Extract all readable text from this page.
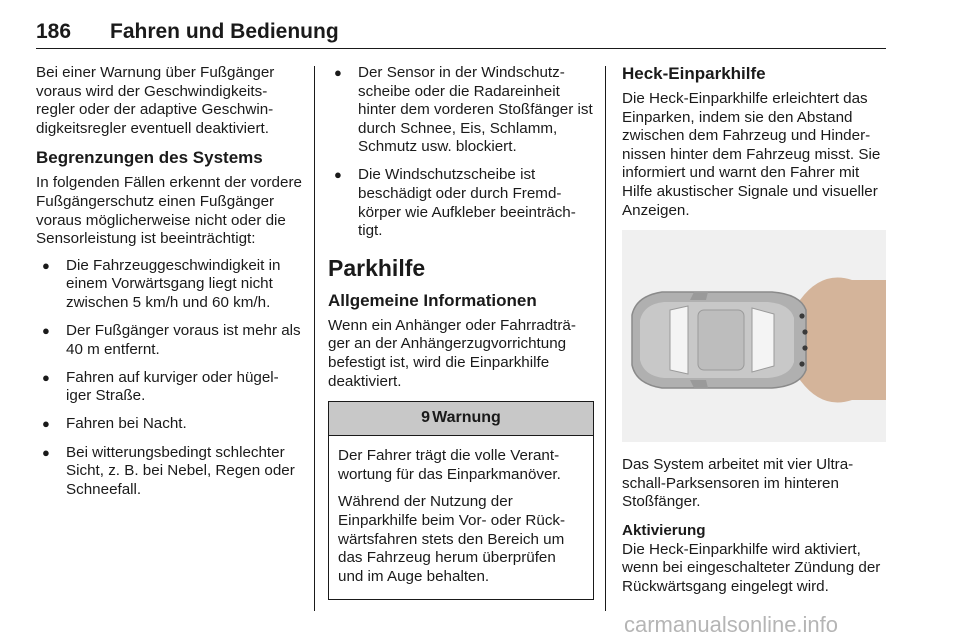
186 Fahren und Bedienung

Bei einer Warnung über Fußgänger voraus wird der Geschwindigkeits-regler oder der adaptive Geschwin-digkeitsregler eventuell deaktiviert.

Begrenzungen des Systems

In folgenden Fällen erkennt der vordere Fußgängerschutz einen Fußgänger voraus möglicherweise nicht oder die Sensorleistung ist beeinträchtigt:

● Die Fahrzeuggeschwindigkeit in einem Vorwärtsgang liegt nicht zwischen 5 km/h und 60 km/h.
● Der Fußgänger voraus ist mehr als 40 m entfernt.
● Fahren auf kurviger oder hügel-iger Straße.
● Fahren bei Nacht.
● Bei witterungsbedingt schlechter Sicht, z. B. bei Nebel, Regen oder Schneefall.
● Der Sensor in der Windschutz-scheibe oder die Radareinheit hinter dem vorderen Stoßfänger ist durch Schnee, Eis, Schlamm, Schmutz usw. blockiert.
● Die Windschutzscheibe ist beschädigt oder durch Fremd-körper wie Aufkleber beeinträch-tigt.
Parkhilfe
Allgemeine Informationen

Wenn ein Anhänger oder Fahrradträ-ger an der Anhängerzugvorrichtung befestigt ist, wird die Einparkhilfe deaktiviert.

9 Warnung

Der Fahrer trägt die volle Verant-wortung für das Einparkmanöver.

Während der Nutzung der Einparkhilfe beim Vor- oder Rück-wärtsfahren stets den Bereich um das Fahrzeug herum überprüfen und im Auge behalten.

Heck-Einparkhilfe

Die Heck-Einparkhilfe erleichtert das Einparken, indem sie den Abstand zwischen dem Fahrzeug und Hinder-nissen hinter dem Fahrzeug misst. Sie informiert und warnt den Fahrer mit Hilfe akustischer Signale und visueller Anzeigen.

Das System arbeitet mit vier Ultra-schall-Parksensoren im hinteren Stoßfänger.

Aktivierung

Die Heck-Einparkhilfe wird aktiviert, wenn bei eingeschalteter Zündung der Rückwärtsgang eingelegt wird.

carmanualsonline.info
